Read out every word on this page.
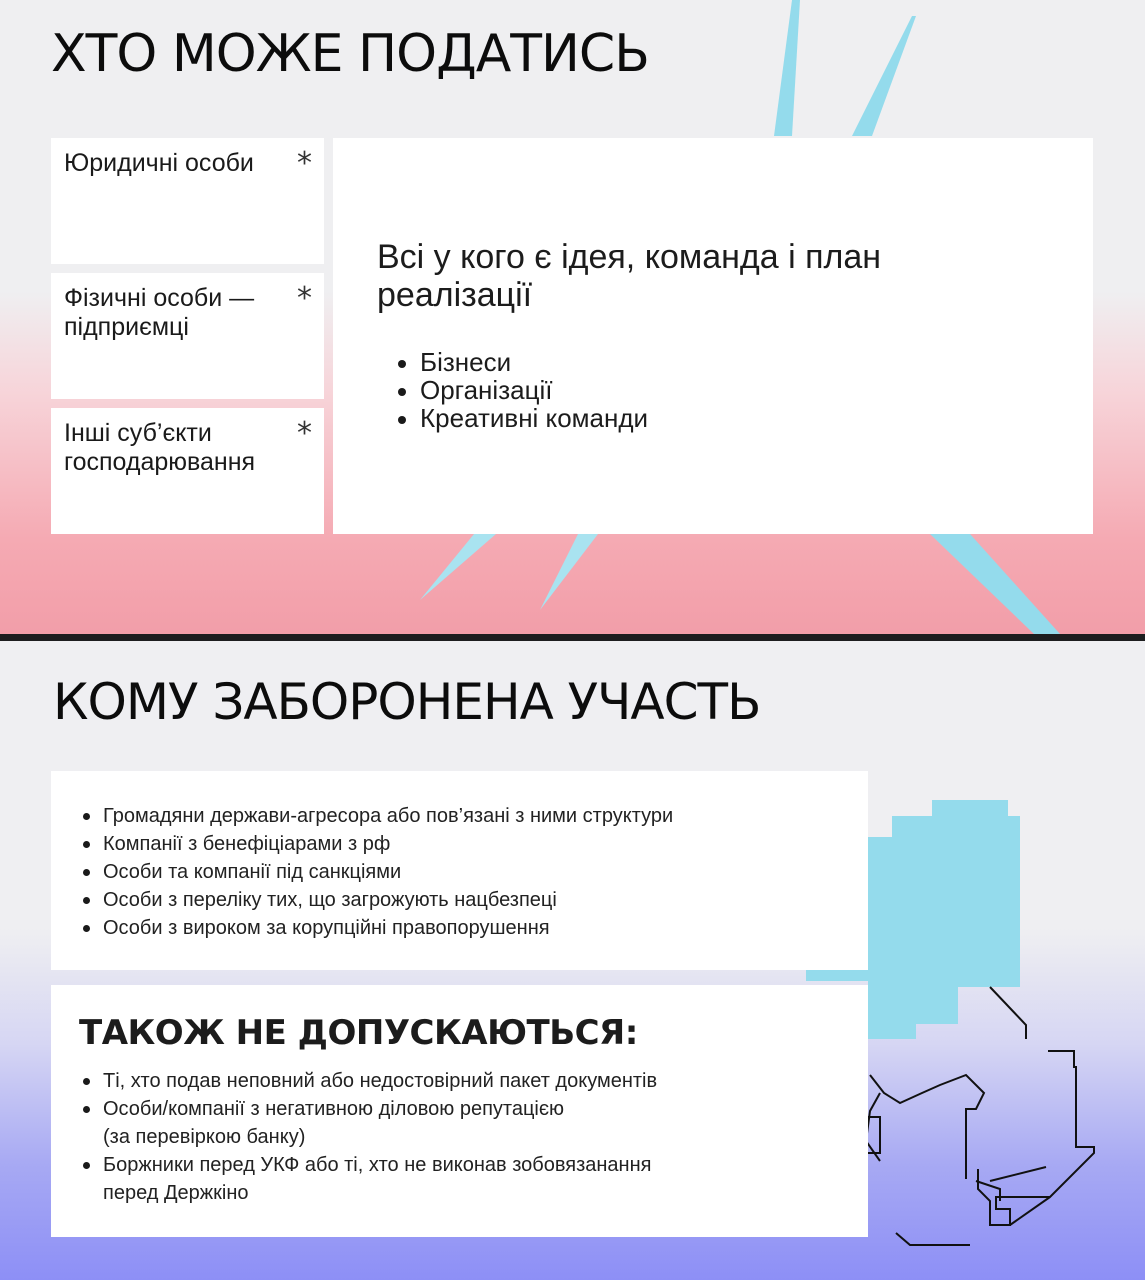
ХТО МОЖЕ ПОДАТИСЬ
Юридичні особи	*
Фізичні особи — підприємці
*
Інші суб’єкти господарювання
*

Всі у кого є ідея, команда і план реалізації

Бізнеси
Організації
Креативні команди
КОМУ ЗАБОРОНЕНА УЧАСТЬ
Громадяни держави-агресора або пов’язані з ними структури
Компанії з бенефіціарами з рф
Особи та компанії під санкціями
Особи з переліку тих, що загрожують нацбезпеці
Особи з вироком за корупційні правопорушення
ТАКОЖ НЕ ДОПУСКАЮТЬСЯ:
Ті, хто подав неповний або недостовірний пакет документів
Особи/компанії з негативною діловою репутацією
(за перевіркою банку)
Боржники перед УКФ або ті, хто не виконав зобовязанання
перед Держкіно
